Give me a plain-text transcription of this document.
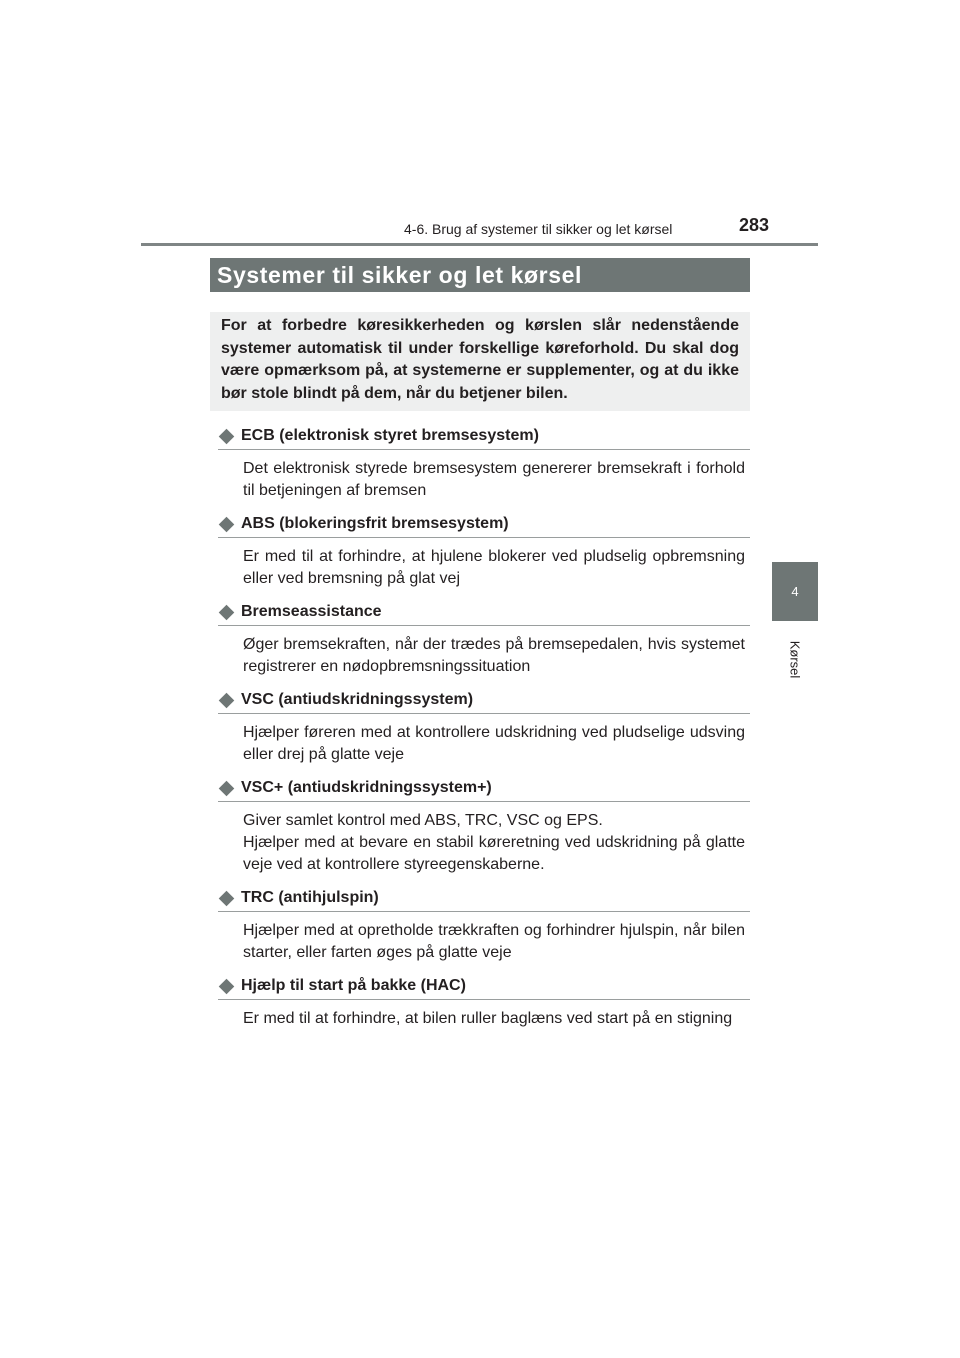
4-6. Brug af systemer til sikker og let kørsel	283
4
Kørsel
Systemer til sikker og let kørsel
For at forbedre køresikkerheden og kørslen slår nedenstående systemer automatisk til under forskellige køreforhold. Du skal dog være opmærksom på, at systemerne er supplementer, og at du ikke bør stole blindt på dem, når du betjener bilen.
ECB (elektronisk styret bremsesystem)

Det elektronisk styrede bremsesystem genererer bremsekraft i forhold til betjeningen af bremsen

ABS (blokeringsfrit bremsesystem)

Er med til at forhindre, at hjulene blokerer ved pludselig opbremsning eller ved bremsning på glat vej

Bremseassistance

Øger bremsekraften, når der trædes på bremsepedalen, hvis systemet registrerer en nødopbremsningssituation

VSC (antiudskridningssystem)

Hjælper føreren med at kontrollere udskridning ved pludselige udsving eller drej på glatte veje

VSC+ (antiudskridningssystem+)

Giver samlet kontrol med ABS, TRC, VSC og EPS.

Hjælper med at bevare en stabil køreretning ved udskridning på glatte veje ved at kontrollere styreegenskaberne.

TRC (antihjulspin)

Hjælper med at opretholde trækkraften og forhindrer hjulspin, når bilen starter, eller farten øges på glatte veje

Hjælp til start på bakke (HAC)

Er med til at forhindre, at bilen ruller baglæns ved start på en stigning
